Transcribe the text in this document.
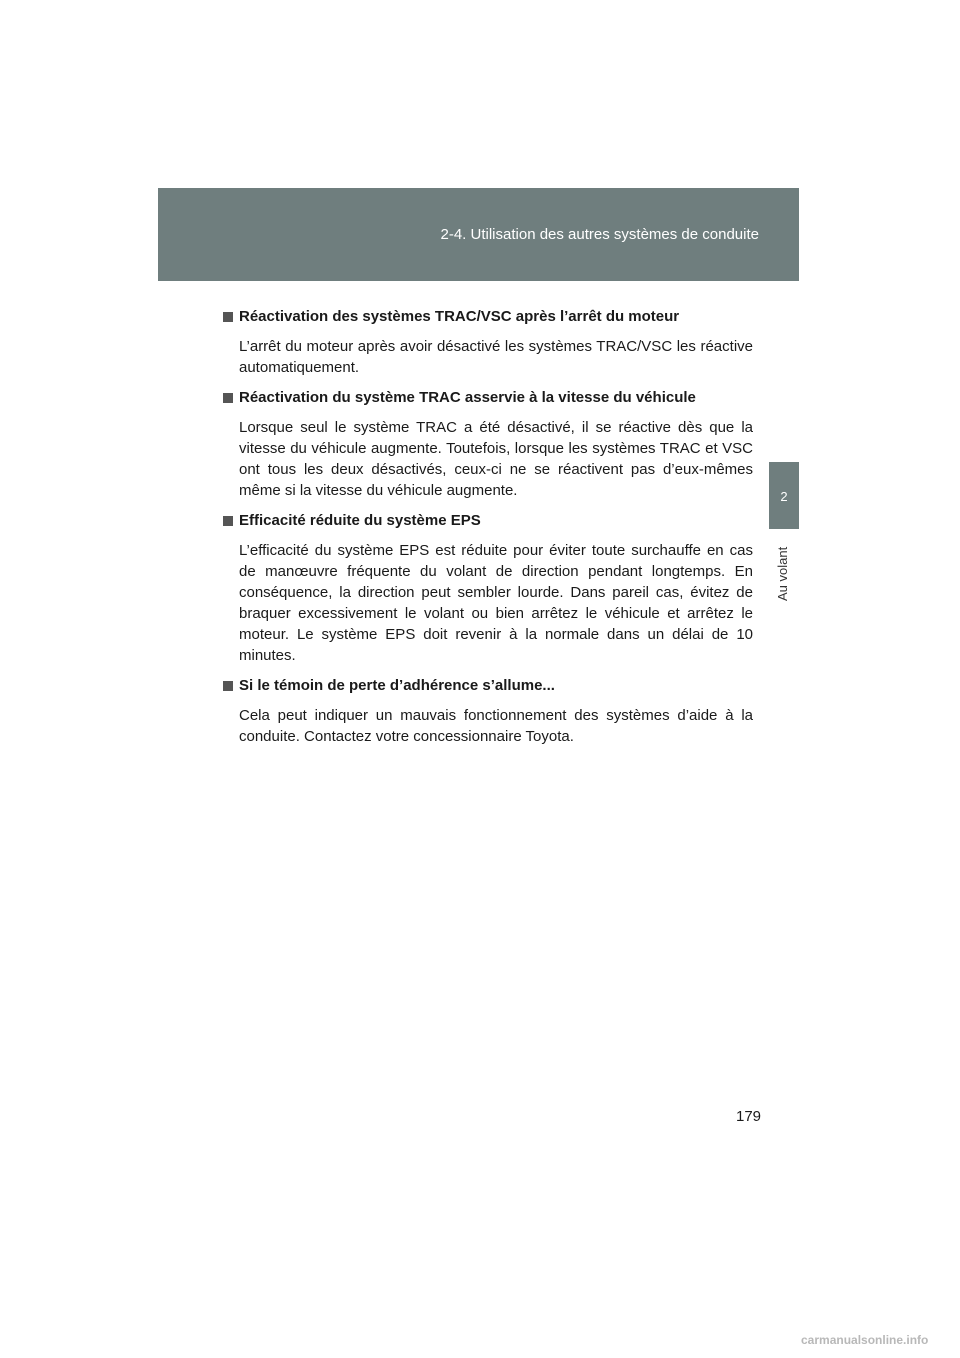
2-4. Utilisation des autres systèmes de conduite
2
Au volant
Réactivation des systèmes TRAC/VSC après l’arrêt du moteur

L’arrêt du moteur après avoir désactivé les systèmes TRAC/VSC les réactive automatiquement.

Réactivation du système TRAC asservie à la vitesse du véhicule

Lorsque seul le système TRAC a été désactivé, il se réactive dès que la vitesse du véhicule augmente. Toutefois, lorsque les systèmes TRAC et VSC ont tous les deux désactivés, ceux-ci ne se réactivent pas d’eux-mêmes même si la vitesse du véhicule augmente.

Efficacité réduite du système EPS

L’efficacité du système EPS est réduite pour éviter toute surchauffe en cas de manœuvre fréquente du volant de direction pendant longtemps. En conséquence, la direction peut sembler lourde. Dans pareil cas, évitez de braquer excessivement le volant ou bien arrêtez le véhicule et arrêtez le moteur. Le système EPS doit revenir à la normale dans un délai de 10 minutes.

Si le témoin de perte d’adhérence s’allume...

Cela peut indiquer un mauvais fonctionnement des systèmes d’aide à la conduite. Contactez votre concessionnaire Toyota.

179
carmanualsonline.info
